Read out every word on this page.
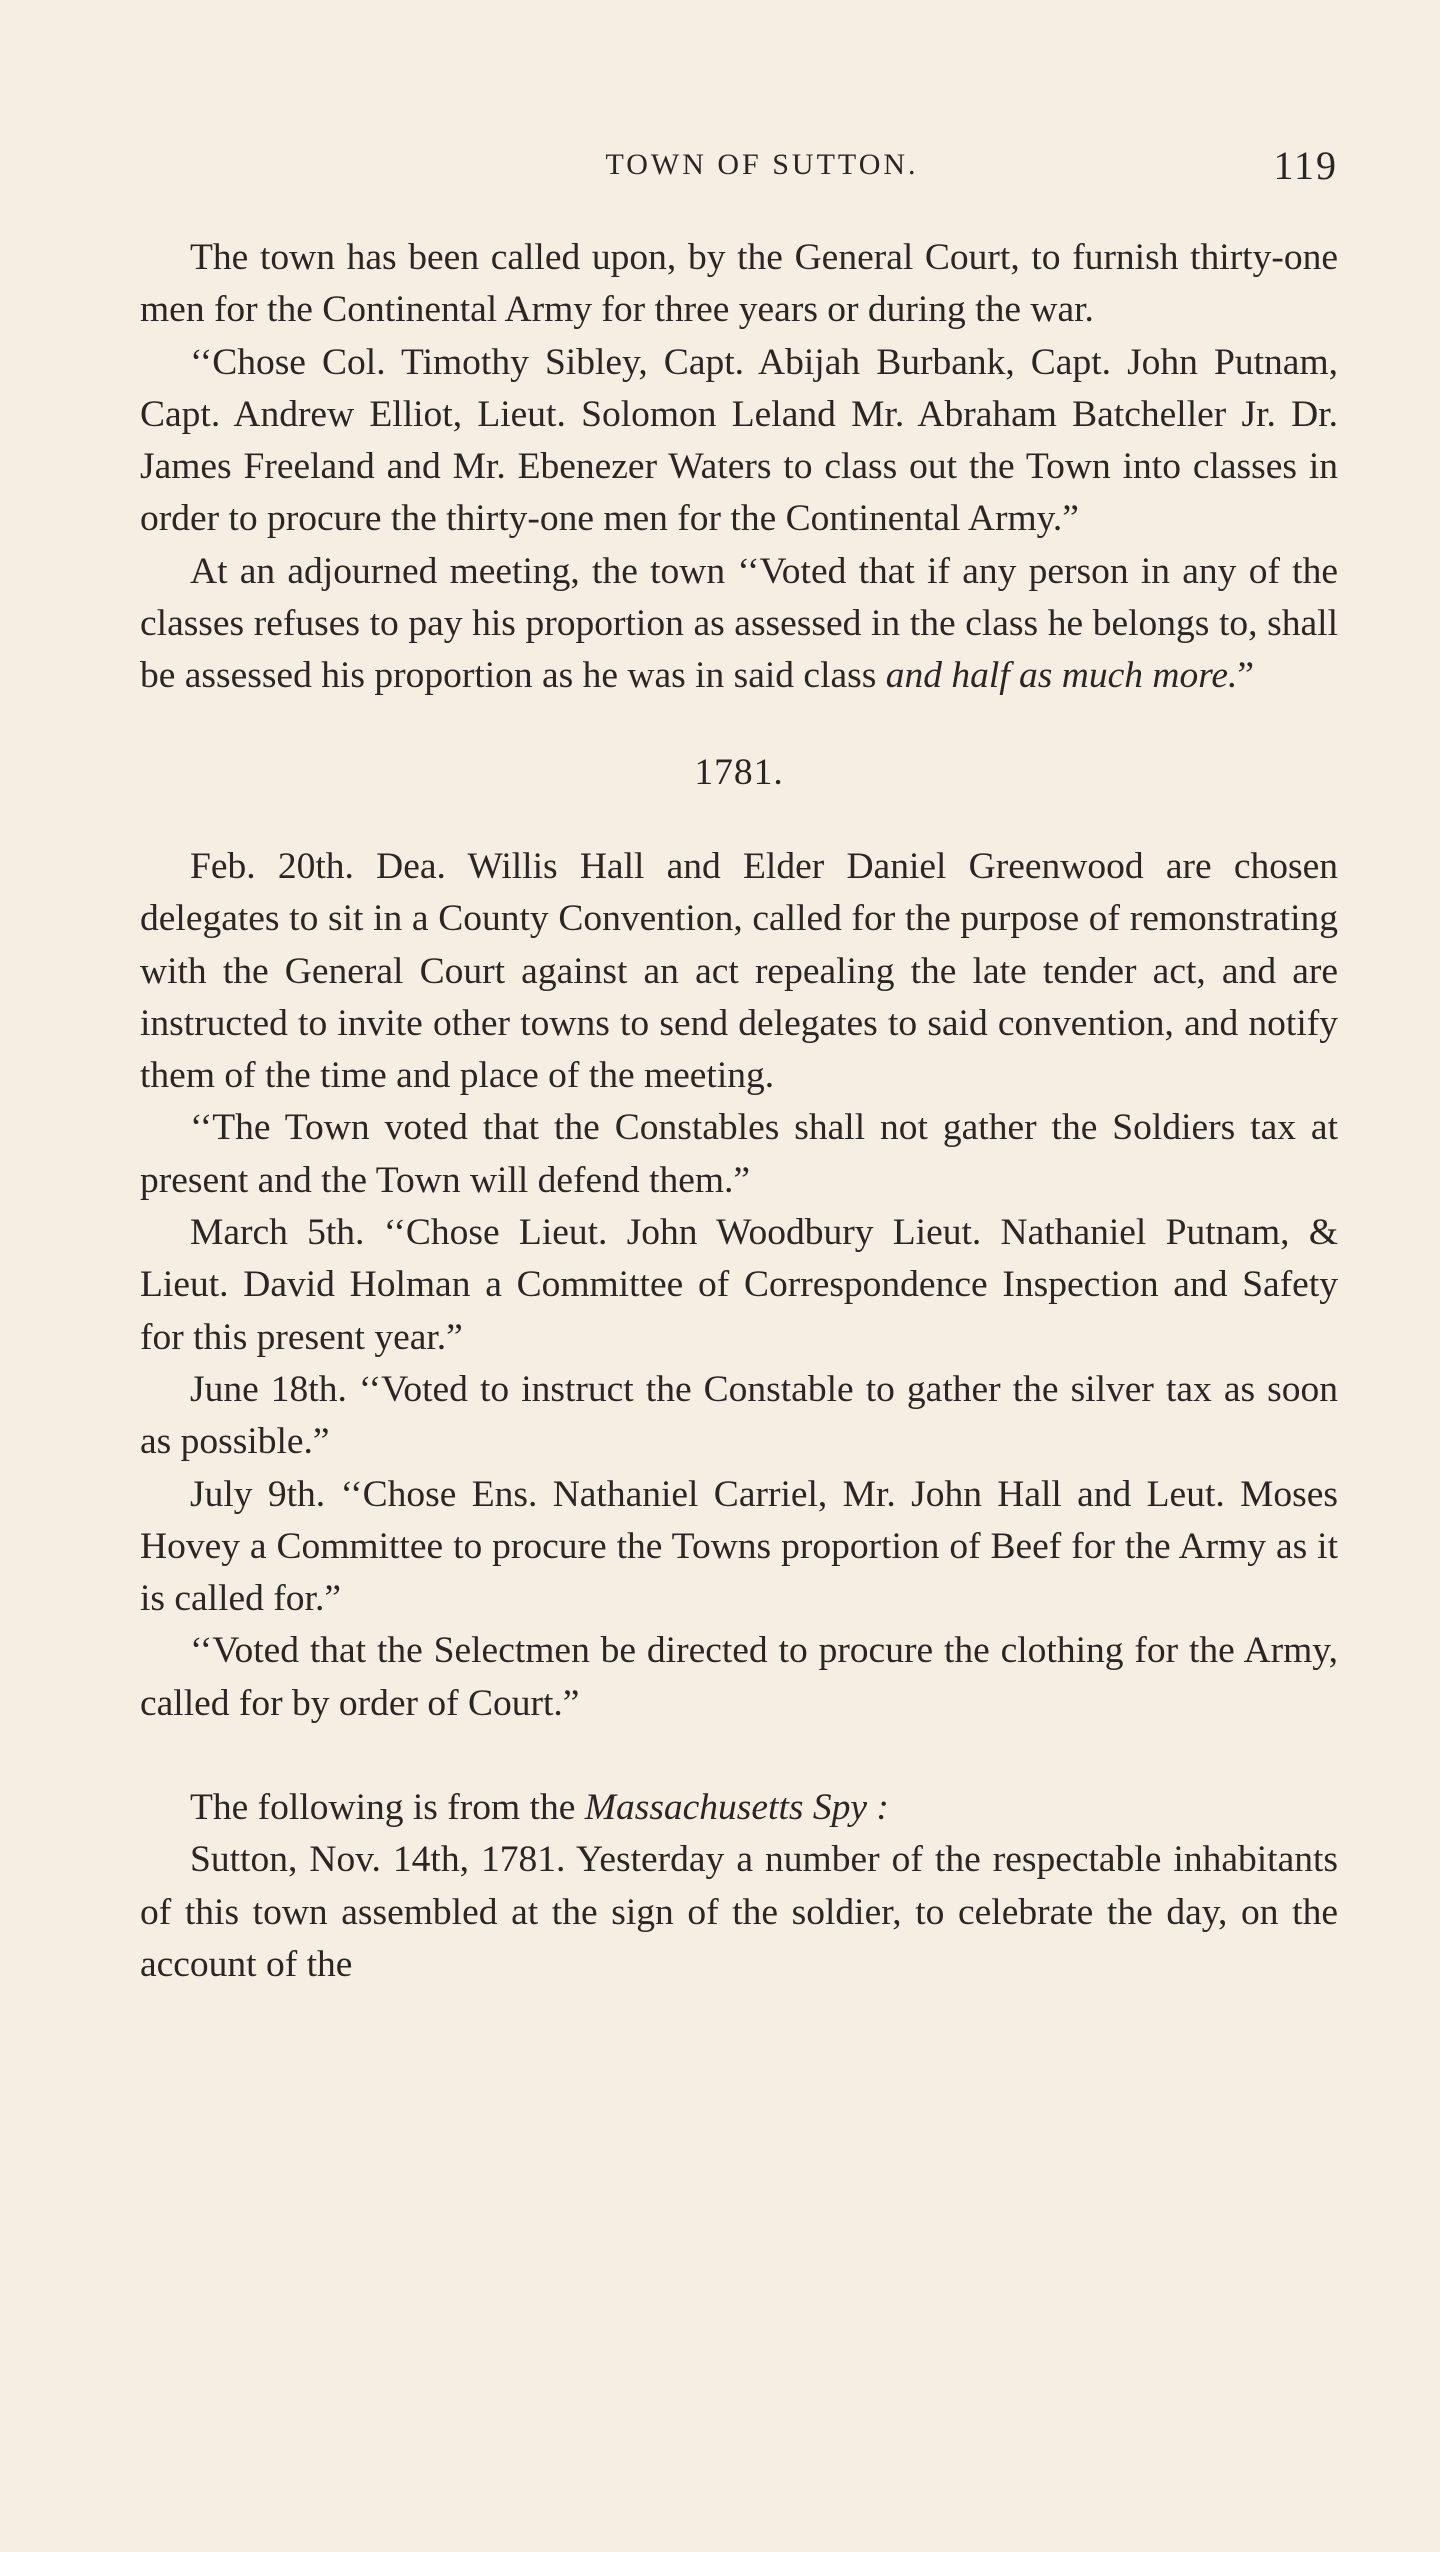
TOWN OF SUTTON.	119

The town has been called upon, by the General Court, to furnish thirty-one men for the Continental Army for three years or during the war.

‘‘Chose Col. Timothy Sibley, Capt. Abijah Burbank, Capt. John Putnam, Capt. Andrew Elliot, Lieut. Solomon Leland Mr. Abraham Batcheller Jr. Dr. James Freeland and Mr. Ebenezer Waters to class out the Town into classes in order to procure the thirty-one men for the Continental Army.”

At an adjourned meeting, the town ‘‘Voted that if any person in any of the classes refuses to pay his proportion as assessed in the class he belongs to, shall be assessed his proportion as he was in said class and half as much more.”

1781.

Feb. 20th. Dea. Willis Hall and Elder Daniel Greenwood are chosen delegates to sit in a County Convention, called for the purpose of remonstrating with the General Court against an act repealing the late tender act, and are instructed to invite other towns to send delegates to said convention, and notify them of the time and place of the meeting.

‘‘The Town voted that the Constables shall not gather the Soldiers tax at present and the Town will defend them.”

March 5th. ‘‘Chose Lieut. John Woodbury Lieut. Nathaniel Putnam, & Lieut. David Holman a Committee of Correspondence Inspection and Safety for this present year.”

June 18th. ‘‘Voted to instruct the Constable to gather the silver tax as soon as possible.”

July 9th. ‘‘Chose Ens. Nathaniel Carriel, Mr. John Hall and Leut. Moses Hovey a Committee to procure the Towns proportion of Beef for the Army as it is called for.”

‘‘Voted that the Selectmen be directed to procure the clothing for the Army, called for by order of Court.”

The following is from the Massachusetts Spy :

Sutton, Nov. 14th, 1781. Yesterday a number of the respectable inhabitants of this town assembled at the sign of the soldier, to celebrate the day, on the account of the
